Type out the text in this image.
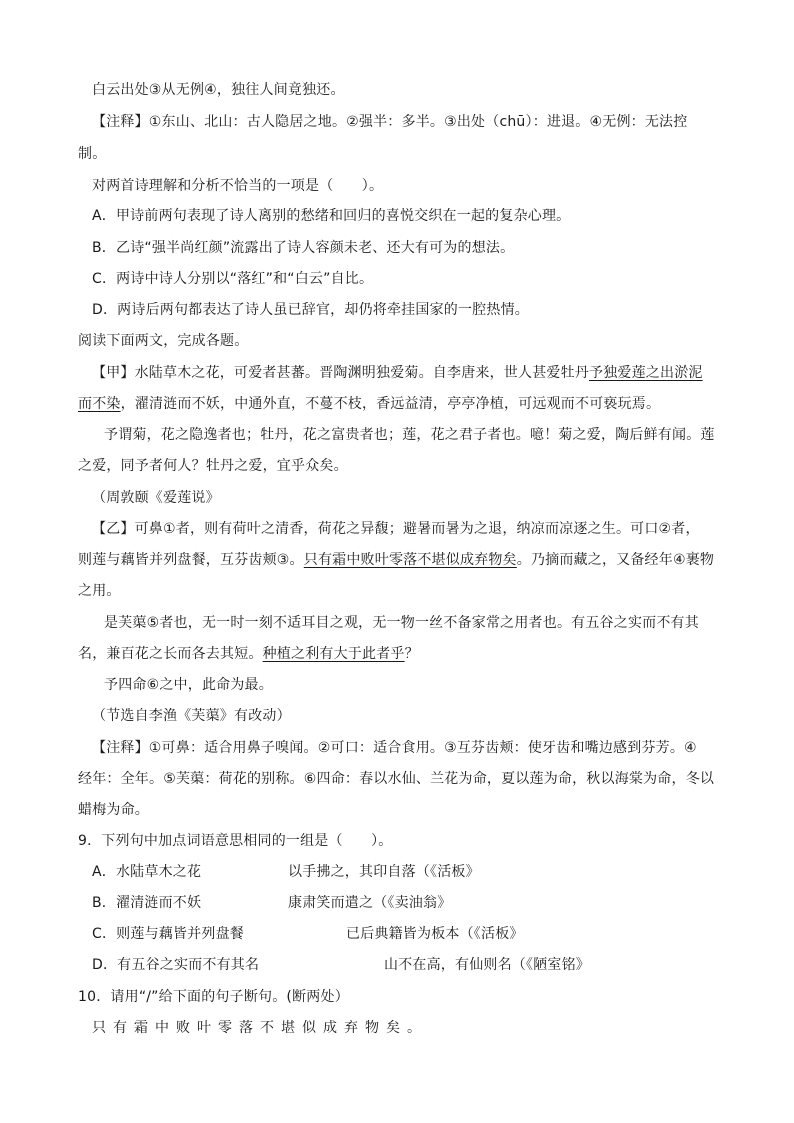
白云出处③从无例④，独往人间竟独还。
【注释】①东山、北山：古人隐居之地。②强半：多半。③出处（chū）：进退。④无例：无法控
制。
对两首诗理解和分析不恰当的一项是（　　）。
A．甲诗前两句表现了诗人离别的愁绪和回归的喜悦交织在一起的复杂心理。
B．乙诗“强半尚红颜”流露出了诗人容颜未老、还大有可为的想法。
C．两诗中诗人分别以“落红”和“白云”自比。
D．两诗后两句都表达了诗人虽已辞官，却仍将牵挂国家的一腔热情。
阅读下面两文，完成各题。
【甲】水陆草木之花，可爱者甚蕃。晋陶渊明独爱菊。自李唐来，世人甚爱牡丹予独爱莲之出淤泥
而不染，濯清涟而不妖，中通外直，不蔓不枝，香远益清，亭亭净植，可远观而不可亵玩焉。
予谓菊，花之隐逸者也；牡丹，花之富贵者也；莲，花之君子者也。噫！菊之爱，陶后鲜有闻。莲
之爱，同予者何人？牡丹之爱，宜乎众矣。
（周敦颐《爱莲说》
【乙】可鼻①者，则有荷叶之清香，荷花之异馥；避暑而暑为之退，纳凉而凉逐之生。可口②者，
则莲与藕皆并列盘餐，互芬齿颊③。只有霜中败叶零落不堪似成弃物矣。乃摘而藏之，又备经年④裹物
之用。
是芙蕖⑤者也，无一时一刻不适耳目之观，无一物一丝不备家常之用者也。有五谷之实而不有其
名，兼百花之长而各去其短。种植之利有大于此者乎？
予四命⑥之中，此命为最。
（节选自李渔《芙蕖》有改动）
【注释】①可鼻：适合用鼻子嗅闻。②可口：适合食用。③互芬齿颊：使牙齿和嘴边感到芬芳。④
经年：全年。⑤芙蕖：荷花的别称。⑥四命：春以水仙、兰花为命，夏以莲为命，秋以海棠为命，冬以
蜡梅为命。
9．下列句中加点词语意思相同的一组是（　　）。
A．水陆草木之花	以手拂之，其印自落（《活板》
B．濯清涟而不妖	康肃笑而遣之（《卖油翁》
C．则莲与藕皆并列盘餐	已后典籍皆为板本（《活板》
D．有五谷之实而不有其名	山不在高，有仙则名（《陋室铭》
10．请用“/”给下面的句子断句。(断两处）
只有霜中败叶零落不堪似成弃物矣。
